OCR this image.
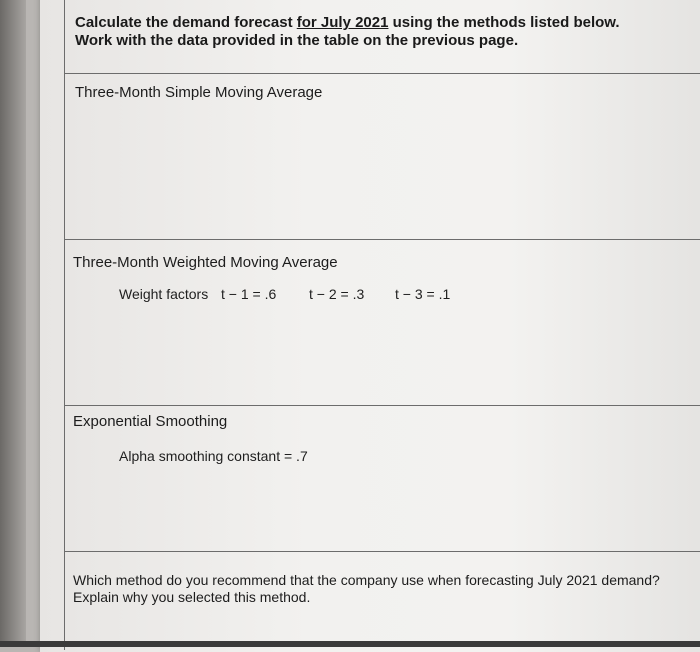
Calculate the demand forecast for July 2021 using the methods listed below.
Work with the data provided in the table on the previous page.
Three-Month Simple Moving Average
Three-Month Weighted Moving Average
Weight factors t − 1 = .6 t − 2 = .3 t − 3 = .1
Exponential Smoothing
Alpha smoothing constant = .7
Which method do you recommend that the company use when forecasting July 2021 demand? Explain why you selected this method.
